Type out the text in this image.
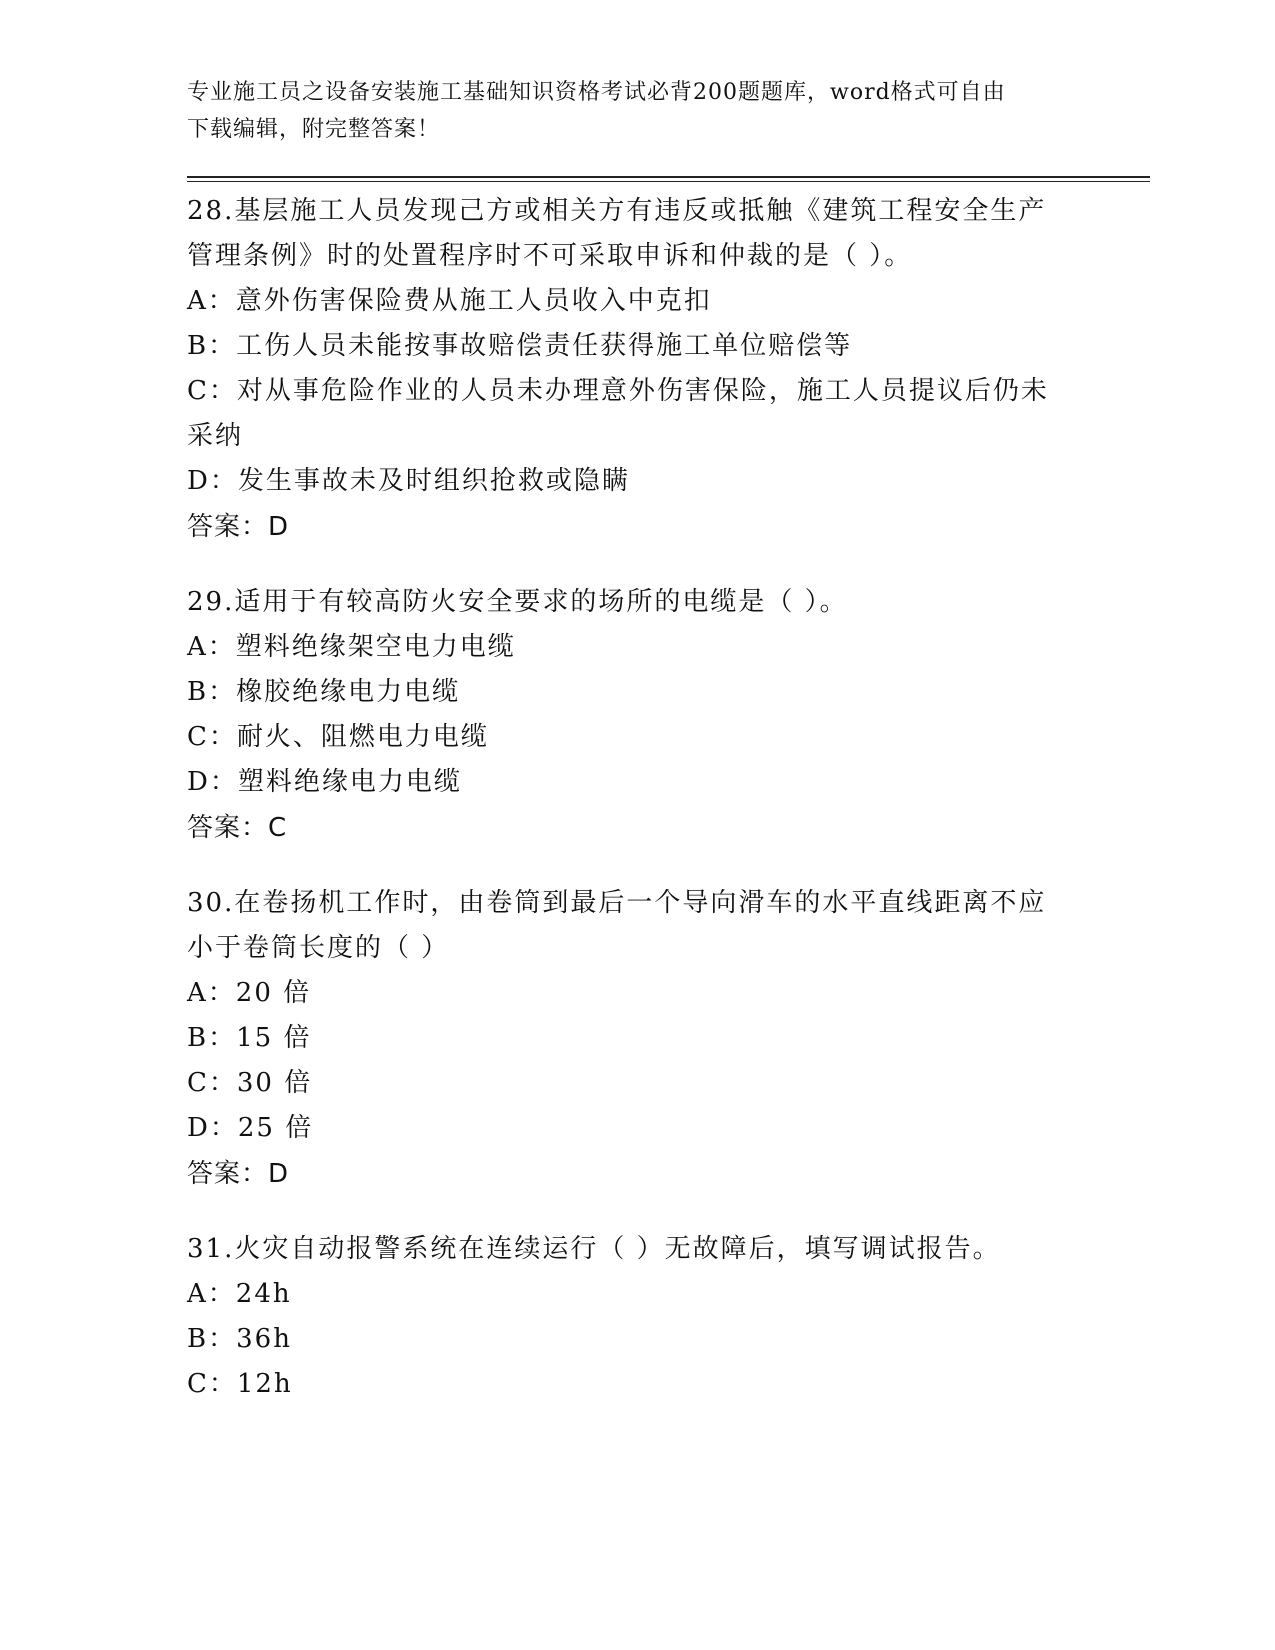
专业施工员之设备安装施工基础知识资格考试必背200题题库，word格式可自由
下载编辑，附完整答案！

28.基层施工人员发现己方或相关方有违反或抵触《建筑工程安全生产

管理条例》时的处置程序时不可采取申诉和仲裁的是（ ）。

A：意外伤害保险费从施工人员收入中克扣

B：工伤人员未能按事故赔偿责任获得施工单位赔偿等

C：对从事危险作业的人员未办理意外伤害保险，施工人员提议后仍未

采纳

D：发生事故未及时组织抢救或隐瞒

答案：D

29.适用于有较高防火安全要求的场所的电缆是（ ）。

A：塑料绝缘架空电力电缆

B：橡胶绝缘电力电缆

C：耐火、阻燃电力电缆

D：塑料绝缘电力电缆

答案：C

30.在卷扬机工作时，由卷筒到最后一个导向滑车的水平直线距离不应

小于卷筒长度的（ ）

A：20 倍

B：15 倍

C：30 倍

D：25 倍

答案：D

31.火灾自动报警系统在连续运行（ ）无故障后，填写调试报告。

A：24h

B：36h

C：12h
